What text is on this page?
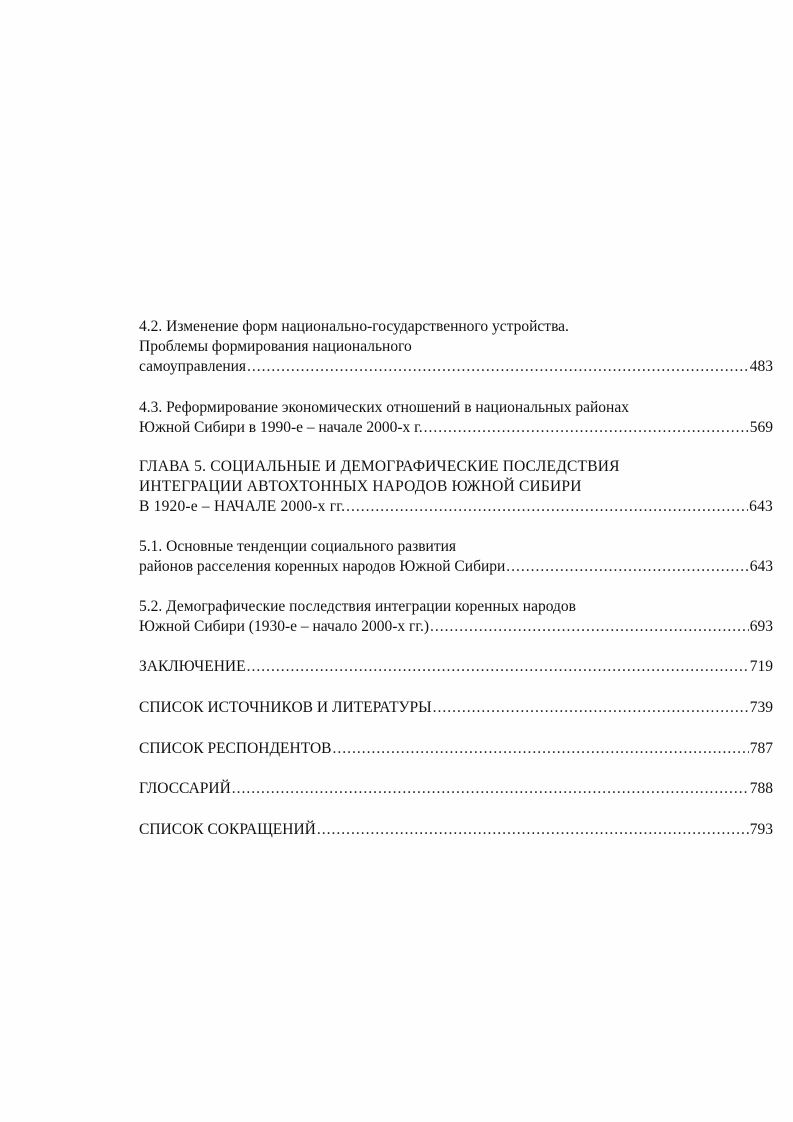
4.2. Изменение форм национально-государственного устройства.
Проблемы формирования национального
самоуправления .....	483
4.3. Реформирование экономических отношений в национальных районах
Южной Сибири в 1990-е – начале 2000-х г. .....	569
ГЛАВА 5. СОЦИАЛЬНЫЕ И ДЕМОГРАФИЧЕСКИЕ ПОСЛЕДСТВИЯ
ИНТЕГРАЦИИ АВТОХТОННЫХ НАРОДОВ ЮЖНОЙ СИБИРИ
В 1920-е – НАЧАЛЕ 2000-х гг. .....	643
5.1. Основные тенденции социального развития
районов расселения коренных народов Южной Сибири .....	643
5.2. Демографические последствия интеграции коренных народов
Южной Сибири (1930-е – начало 2000-х гг.) .....	693
ЗАКЛЮЧЕНИЕ .....	719
СПИСОК ИСТОЧНИКОВ И ЛИТЕРАТУРЫ .....	739
СПИСОК РЕСПОНДЕНТОВ .....	787
ГЛОССАРИЙ .....	788
СПИСОК СОКРАЩЕНИЙ .....	793
